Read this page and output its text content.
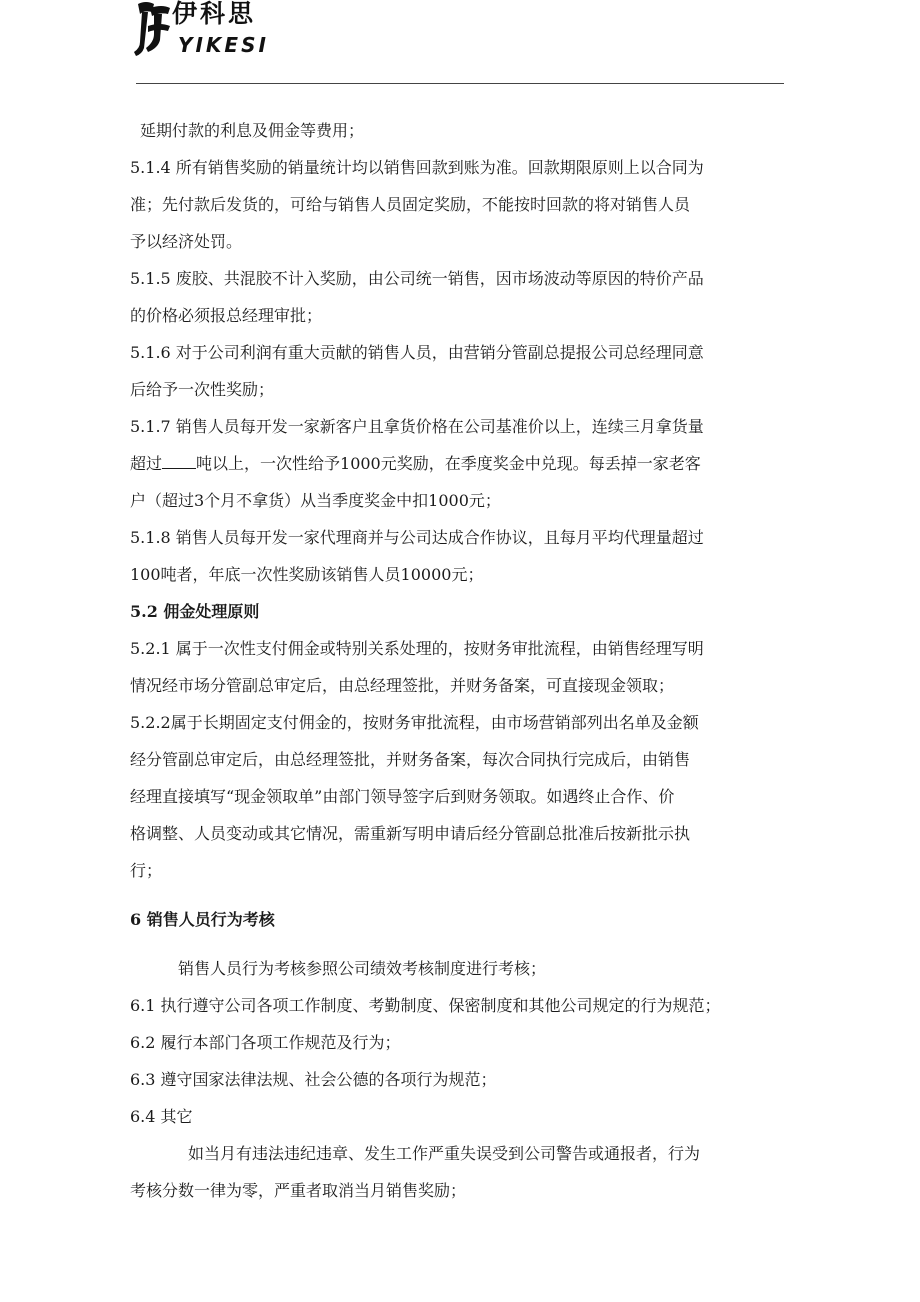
伊科思
YIKESI

延期付款的利息及佣金等费用；

5.1.4 所有销售奖励的销量统计均以销售回款到账为准。回款期限原则上以合同为

准；先付款后发货的，可给与销售人员固定奖励，不能按时回款的将对销售人员

予以经济处罚。

5.1.5 废胶、共混胶不计入奖励，由公司统一销售，因市场波动等原因的特价产品

的价格必须报总经理审批；

5.1.6 对于公司利润有重大贡献的销售人员，由营销分管副总提报公司总经理同意

后给予一次性奖励；

5.1.7 销售人员每开发一家新客户且拿货价格在公司基准价以上，连续三月拿货量

超过 吨以上，一次性给予1000元奖励，在季度奖金中兑现。每丢掉一家老客

户（超过3个月不拿货）从当季度奖金中扣1000元；

5.1.8 销售人员每开发一家代理商并与公司达成合作协议，且每月平均代理量超过

100吨者，年底一次性奖励该销售人员10000元；

5.2 佣金处理原则

5.2.1 属于一次性支付佣金或特别关系处理的，按财务审批流程，由销售经理写明

情况经市场分管副总审定后，由总经理签批，并财务备案，可直接现金领取；

5.2.2属于长期固定支付佣金的，按财务审批流程，由市场营销部列出名单及金额

经分管副总审定后，由总经理签批，并财务备案，每次合同执行完成后，由销售

经理直接填写“现金领取单”由部门领导签字后到财务领取。如遇终止合作、价

格调整、人员变动或其它情况，需重新写明申请后经分管副总批准后按新批示执

行；

6 销售人员行为考核

销售人员行为考核参照公司绩效考核制度进行考核；

6.1 执行遵守公司各项工作制度、考勤制度、保密制度和其他公司规定的行为规范；

6.2 履行本部门各项工作规范及行为；

6.3 遵守国家法律法规、社会公德的各项行为规范；

6.4 其它

如当月有违法违纪违章、发生工作严重失误受到公司警告或通报者，行为

考核分数一律为零，严重者取消当月销售奖励；
